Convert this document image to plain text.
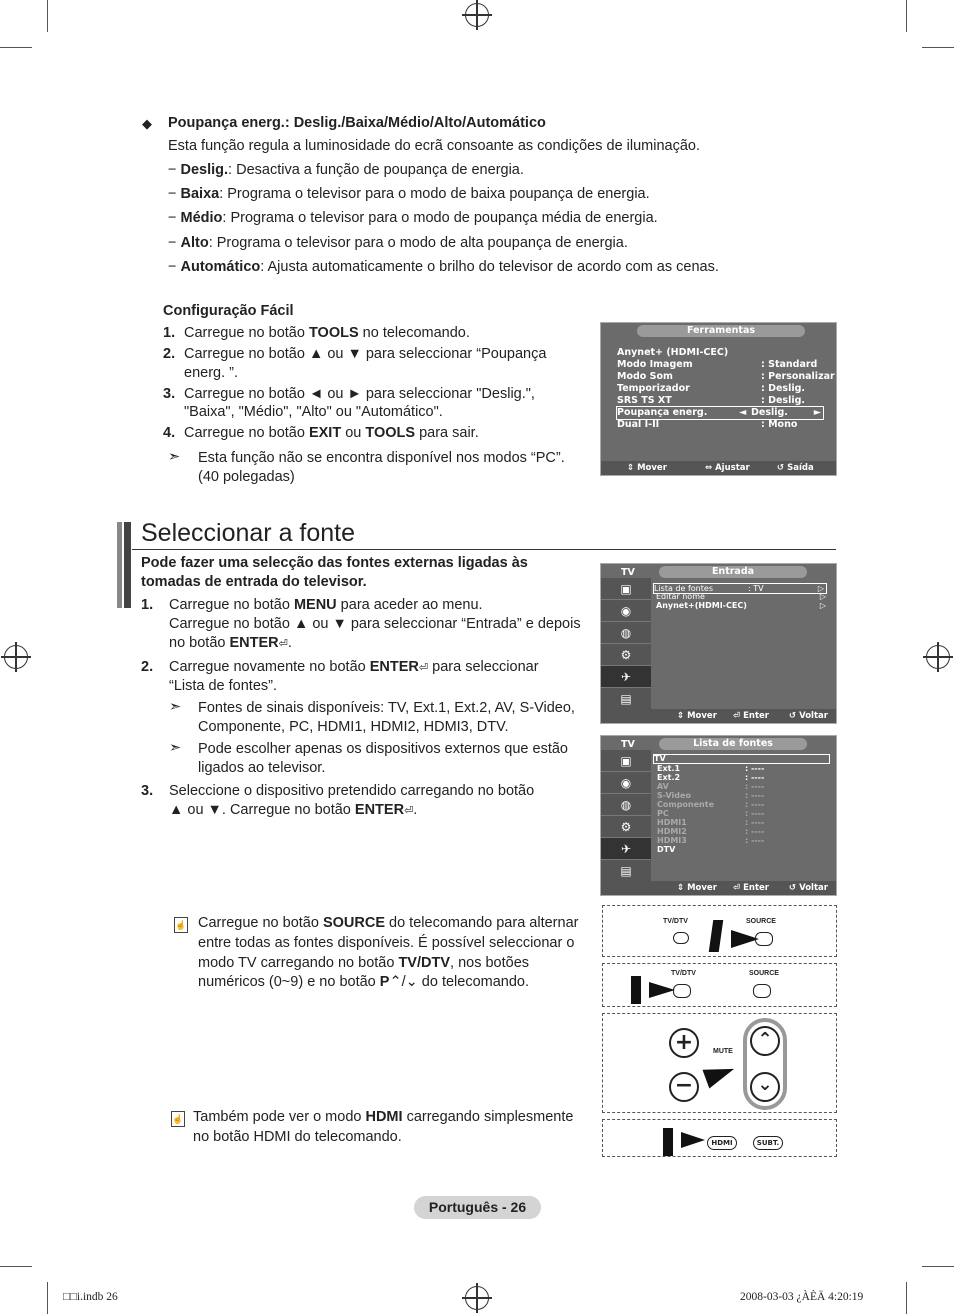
◆ Poupança energ.: Deslig./Baixa/Médio/Alto/Automático
Esta função regula a luminosidade do ecrã consoante as condições de iluminação.
− Deslig.: Desactiva a função de poupança de energia.
− Baixa: Programa o televisor para o modo de baixa poupança de energia.
− Médio: Programa o televisor para o modo de poupança média de energia.
− Alto: Programa o televisor para o modo de alta poupança de energia.
− Automático: Ajusta automaticamente o brilho do televisor de acordo com as cenas.
Configuração Fácil
1. Carregue no botão TOOLS no telecomando.
2. Carregue no botão ▲ ou ▼ para seleccionar “Poupança
energ. ”.
3. Carregue no botão ◄ ou ► para seleccionar "Deslig.",
"Baixa", "Médio", "Alto" ou "Automático".
4. Carregue no botão EXIT ou TOOLS para sair.
➣ Esta função não se encontra disponível nos modos “PC”.
(40 polegadas)
Ferramentas
Anynet+ (HDMI-CEC)
Modo Imagem	: Standard
Modo Som	: Personalizar
Temporizador	: Deslig.
SRS TS XT	: Deslig.
Poupança energ.	◄ Deslig.	►
Dual I-II	: Mono
⇕ Mover	⇔ Ajustar	↺ Saída
Seleccionar a fonte
Pode fazer uma selecção das fontes externas ligadas às
tomadas de entrada do televisor.
1. Carregue no botão MENU para aceder ao menu.
Carregue no botão ▲ ou ▼ para seleccionar “Entrada” e depois
no botão ENTER⏎.
2. Carregue novamente no botão ENTER⏎ para seleccionar
“Lista de fontes”.
➣ Fontes de sinais disponíveis: TV, Ext.1, Ext.2, AV, S-Video,
Componente, PC, HDMI1, HDMI2, HDMI3, DTV.
➣ Pode escolher apenas os dispositivos externos que estão
ligados ao televisor.
3. Seleccione o dispositivo pretendido carregando no botão
▲ ou ▼. Carregue no botão ENTER⏎.
TV	Entrada
▣
◉
◍
⚙
✈
▤
Lista de fontes	: TV	▷
Editar nome	▷
Anynet+(HDMI-CEC)	▷
⇕ Mover ⏎ Enter ↺ Voltar
TV	Lista de fontes
▣
◉
◍
⚙
✈
▤
TV
Ext.1	: ----
Ext.2	: ----
AV	: ----
S-Video	: ----
Componente	: ----
PC	: ----
HDMI1	: ----
HDMI2	: ----
HDMI3	: ----
DTV
⇕ Mover ⏎ Enter ↺ Voltar
☝ Carregue no botão SOURCE do telecomando para alternar
entre todas as fontes disponíveis. É possível seleccionar o
modo TV carregando no botão TV/DTV, nos botões
numéricos (0~9) e no botão P⌃/⌄ do telecomando.
☝ Também pode ver o modo HDMI carregando simplesmente
no botão HDMI do telecomando.
TV/DTV	SOURCE
TV/DTV	SOURCE
+
−
MUTE
⌃
⌄
HDMI	SUBT.
Português - 26
□□i.indb 26	2008-03-03 ¿ÀÈÄ 4:20:19
